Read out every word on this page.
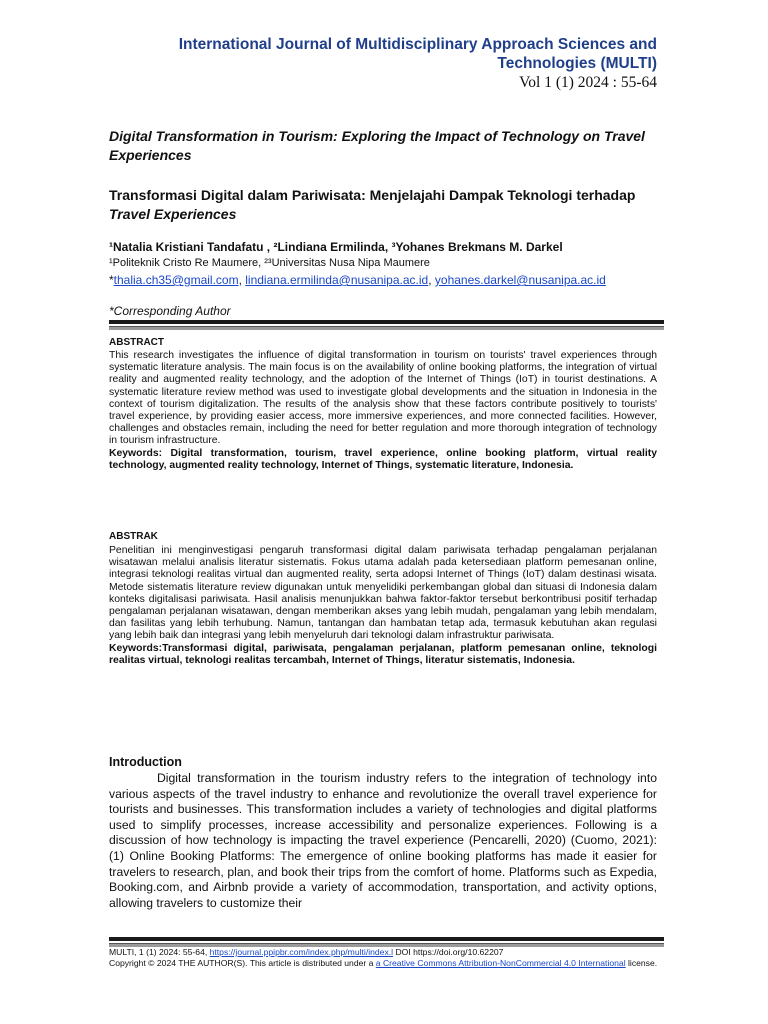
International Journal of Multidisciplinary Approach Sciences and Technologies (MULTI)
Vol 1 (1) 2024 : 55-64
Digital Transformation in Tourism: Exploring the Impact of Technology on Travel Experiences
Transformasi Digital dalam Pariwisata: Menjelajahi Dampak Teknologi terhadap Travel Experiences
¹Natalia Kristiani Tandafatu , ²Lindiana Ermilinda, ³Yohanes Brekmans M. Darkel
¹Politeknik Cristo Re Maumere, ²³Universitas Nusa Nipa Maumere
*thalia.ch35@gmail.com, lindiana.ermilinda@nusanipa.ac.id, yohanes.darkel@nusanipa.ac.id
*Corresponding Author
ABSTRACT
This research investigates the influence of digital transformation in tourism on tourists' travel experiences through systematic literature analysis. The main focus is on the availability of online booking platforms, the integration of virtual reality and augmented reality technology, and the adoption of the Internet of Things (IoT) in tourist destinations. A systematic literature review method was used to investigate global developments and the situation in Indonesia in the context of tourism digitalization. The results of the analysis show that these factors contribute positively to tourists' travel experience, by providing easier access, more immersive experiences, and more connected facilities. However, challenges and obstacles remain, including the need for better regulation and more thorough integration of technology in tourism infrastructure.
Keywords: Digital transformation, tourism, travel experience, online booking platform, virtual reality technology, augmented reality technology, Internet of Things, systematic literature, Indonesia.
ABSTRAK
Penelitian ini menginvestigasi pengaruh transformasi digital dalam pariwisata terhadap pengalaman perjalanan wisatawan melalui analisis literatur sistematis. Fokus utama adalah pada ketersediaan platform pemesanan online, integrasi teknologi realitas virtual dan augmented reality, serta adopsi Internet of Things (IoT) dalam destinasi wisata. Metode sistematis literature review digunakan untuk menyelidiki perkembangan global dan situasi di Indonesia dalam konteks digitalisasi pariwisata. Hasil analisis menunjukkan bahwa faktor-faktor tersebut berkontribusi positif terhadap pengalaman perjalanan wisatawan, dengan memberikan akses yang lebih mudah, pengalaman yang lebih mendalam, dan fasilitas yang lebih terhubung. Namun, tantangan dan hambatan tetap ada, termasuk kebutuhan akan regulasi yang lebih baik dan integrasi yang lebih menyeluruh dari teknologi dalam infrastruktur pariwisata.
Keywords:Transformasi digital, pariwisata, pengalaman perjalanan, platform pemesanan online, teknologi realitas virtual, teknologi realitas tercambah, Internet of Things, literatur sistematis, Indonesia.
Introduction
Digital transformation in the tourism industry refers to the integration of technology into various aspects of the travel industry to enhance and revolutionize the overall travel experience for tourists and businesses. This transformation includes a variety of technologies and digital platforms used to simplify processes, increase accessibility and personalize experiences. Following is a discussion of how technology is impacting the travel experience (Pencarelli, 2020) (Cuomo, 2021): (1) Online Booking Platforms: The emergence of online booking platforms has made it easier for travelers to research, plan, and book their trips from the comfort of home. Platforms such as Expedia, Booking.com, and Airbnb provide a variety of accommodation, transportation, and activity options, allowing travelers to customize their
MULTI, 1 (1) 2024: 55-64, https://journal.ppipbr.com/index.php/multi/index.l DOI https://doi.org/10.62207
Copyright © 2024 THE AUTHOR(S). This article is distributed under a a Creative Commons Attribution-NonCommercial 4.0 International license.
